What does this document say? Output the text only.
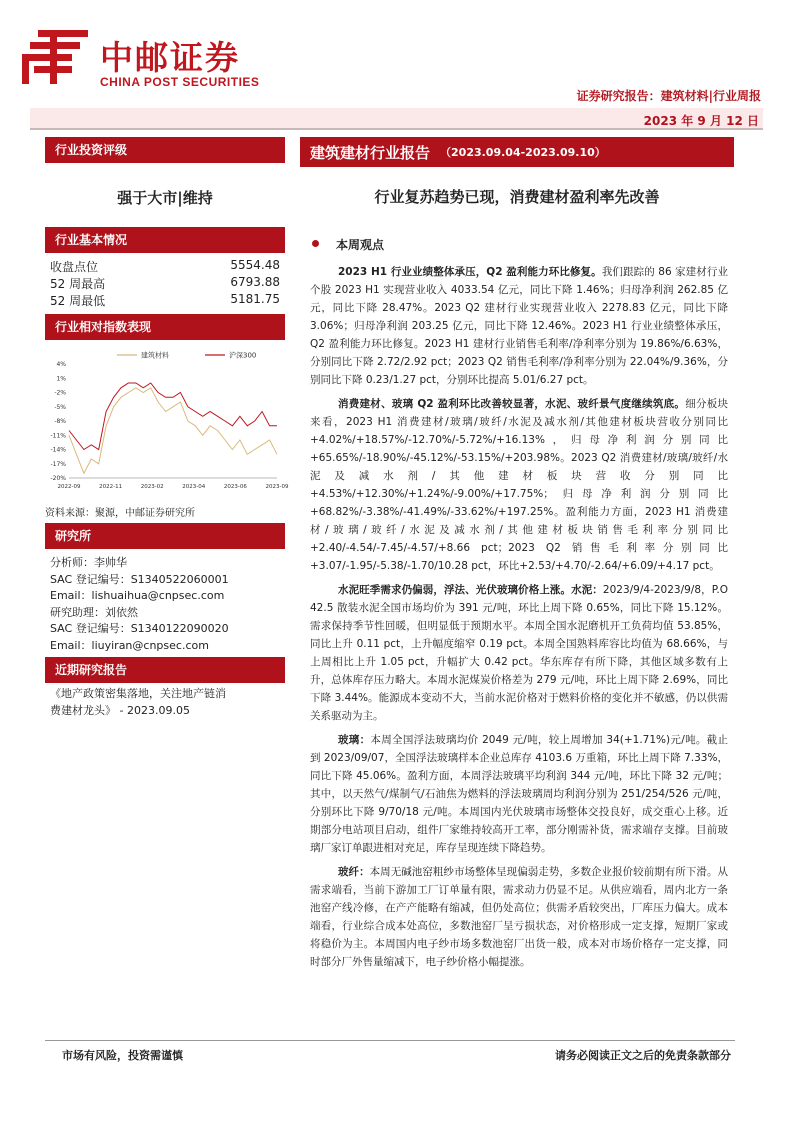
中邮证券
CHINA POST SECURITIES
证券研究报告：建筑材料|行业周报
2023 年 9 月 12 日
行业投资评级
强于大市|维持
行业基本情况
收盘点位	5554.48
52 周最高	6793.88
52 周最低	5181.75
行业相对指数表现
4%
1%
-2%
-5%
-8%
-11%
-14%
-17%
-20%
2022-09	2022-11	2023-02	2023-04	2023-06	2023-09
建筑材料	沪深300
资料来源：聚源，中邮证券研究所
研究所
分析师：李帅华
SAC 登记编号：S1340522060001
Email：lishuaihua@cnpsec.com
研究助理：刘依然
SAC 登记编号：S1340122090020
Email：liuyiran@cnpsec.com
近期研究报告
《地产政策密集落地，关注地产链消
费建材龙头》 - 2023.09.05
建筑建材行业报告 （2023.09.04-2023.09.10）
行业复苏趋势已现，消费建材盈利率先改善
本周观点

2023 H1 行业业绩整体承压，Q2 盈利能力环比修复。我们跟踪的 86 家建材行业个股 2023 H1 实现营业收入 4033.54 亿元，同比下降 1.46%；归母净利润 262.85 亿元，同比下降 28.47%。2023 Q2 建材行业实现营业收入 2278.83 亿元，同比下降 3.06%；归母净利润 203.25 亿元，同比下降 12.46%。2023 H1 行业业绩整体承压，Q2 盈利能力环比修复。2023 H1 建材行业销售毛利率/净利率分别为 19.86%/6.63%，分别同比下降 2.72/2.92 pct；2023 Q2 销售毛利率/净利率分别为 22.04%/9.36%，分别同比下降 0.23/1.27 pct，分别环比提高 5.01/6.27 pct。

消费建材、玻璃 Q2 盈利环比改善较显著，水泥、玻纤景气度继续筑底。细分板块来看，2023 H1 消费建材/玻璃/玻纤/水泥及减水剂/其他建材板块营收分别同比+4.02%/+18.57%/-12.70%/-5.72%/+16.13%，归母净利润分别同比+65.65%/-18.90%/-45.12%/-53.15%/+203.98%。2023 Q2 消费建材/玻璃/玻纤/水泥及减水剂/其他建材板块营收分别同比+4.53%/+12.30%/+1.24%/-9.00%/+17.75%；归母净利润分别同比+68.82%/-3.38%/-41.49%/-33.62%/+197.25%。盈利能力方面，2023 H1 消费建材/玻璃/玻纤/水泥及减水剂/其他建材板块销售毛利率分别同比+2.40/-4.54/-7.45/-4.57/+8.66 pct；2023 Q2 销售毛利率分别同比+3.07/-1.95/-5.38/-1.70/10.28 pct，环比+2.53/+4.70/-2.64/+6.09/+4.17 pct。

水泥旺季需求仍偏弱，浮法、光伏玻璃价格上涨。水泥：2023/9/4-2023/9/8，P.O 42.5 散装水泥全国市场均价为 391 元/吨，环比上周下降 0.65%，同比下降 15.12%。需求保持季节性回暖，但明显低于预期水平。本周全国水泥磨机开工负荷均值 53.85%，同比上升 0.11 pct，上升幅度缩窄 0.19 pct。本周全国熟料库容比均值为 68.66%，与上周相比上升 1.05 pct，升幅扩大 0.42 pct。华东库存有所下降，其他区域多数有上升，总体库存压力略大。本周水泥煤炭价格差为 279 元/吨，环比上周下降 2.69%，同比下降 3.44%。能源成本变动不大，当前水泥价格对于燃料价格的变化并不敏感，仍以供需关系驱动为主。

玻璃：本周全国浮法玻璃均价 2049 元/吨，较上周增加 34(+1.71%)元/吨。截止到 2023/09/07，全国浮法玻璃样本企业总库存 4103.6 万重箱，环比上周下降 7.33%，同比下降 45.06%。盈利方面，本周浮法玻璃平均利润 344 元/吨，环比下降 32 元/吨；其中，以天然气/煤制气/石油焦为燃料的浮法玻璃周均利润分别为 251/254/526 元/吨，分别环比下降 9/70/18 元/吨。本周国内光伏玻璃市场整体交投良好，成交重心上移。近期部分电站项目启动，组件厂家维持较高开工率，部分刚需补货，需求端存支撑。目前玻璃厂家订单跟进相对充足，库存呈现连续下降趋势。

玻纤：本周无碱池窑粗纱市场整体呈现偏弱走势，多数企业报价较前期有所下滑。从需求端看，当前下游加工厂订单量有限，需求动力仍显不足。从供应端看，周内北方一条池窑产线冷修，在产产能略有缩减，但仍处高位；供需矛盾较突出，厂库压力偏大。成本端看，行业综合成本处高位，多数池窑厂呈亏损状态，对价格形成一定支撑，短期厂家或将稳价为主。本周国内电子纱市场多数池窑厂出货一般，成本对市场价格存一定支撑，同时部分厂外售量缩减下，电子纱价格小幅提涨。

市场有风险，投资需谨慎	请务必阅读正文之后的免责条款部分
